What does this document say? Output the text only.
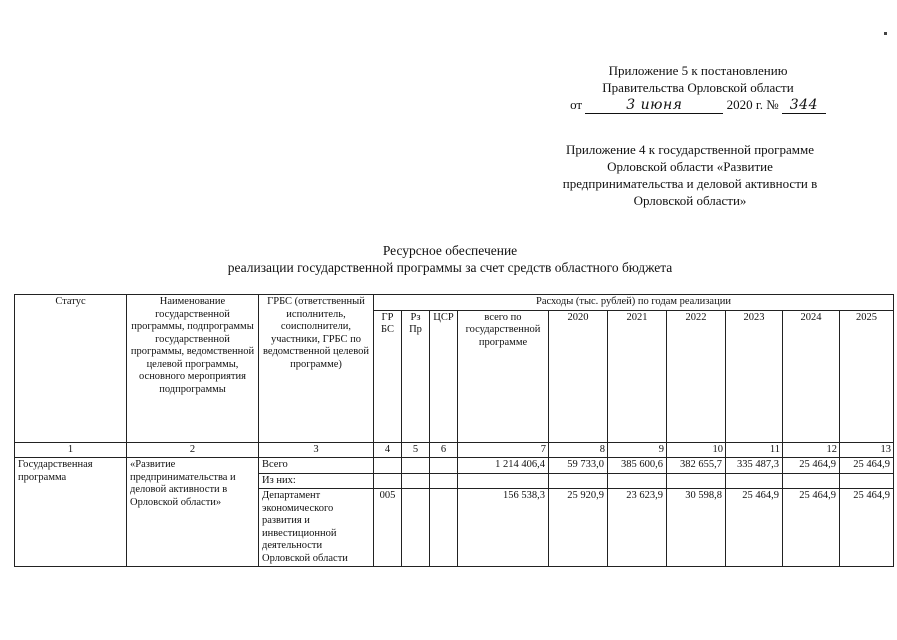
Приложение 5 к постановлению
Правительства Орловской области
от	3 июня	2020 г. № 344
Приложение 4 к государственной программе
Орловской области «Развитие
предпринимательства и деловой активности в
Орловской области»
Ресурсное обеспечение
реализации государственной программы за счет средств областного бюджета
Статус	Наименование государственной программы, подпрограммы государственной программы, ведомственной целевой программы, основного мероприятия подпрограммы	ГРБС (ответственный исполнитель, соисполнители, участники, ГРБС по ведомственной целевой программе)	Расходы (тыс. рублей) по годам реализации									
			ГР БС	Рз Пр	ЦСР	всего по государственной программе	2020	2021	2022	2023	2024	2025
1	2	3	4	5	6	7	8	9	10	11	12	13
Государственная программа	«Развитие предпринимательства и деловой активности в Орловской области»	Всего				1 214 406,4	59 733,0	385 600,6	382 655,7	335 487,3	25 464,9	25 464,9
		Из них:										
		Департамент экономического развития и инвестиционной деятельности Орловской области	005			156 538,3	25 920,9	23 623,9	30 598,8	25 464,9	25 464,9	25 464,9
